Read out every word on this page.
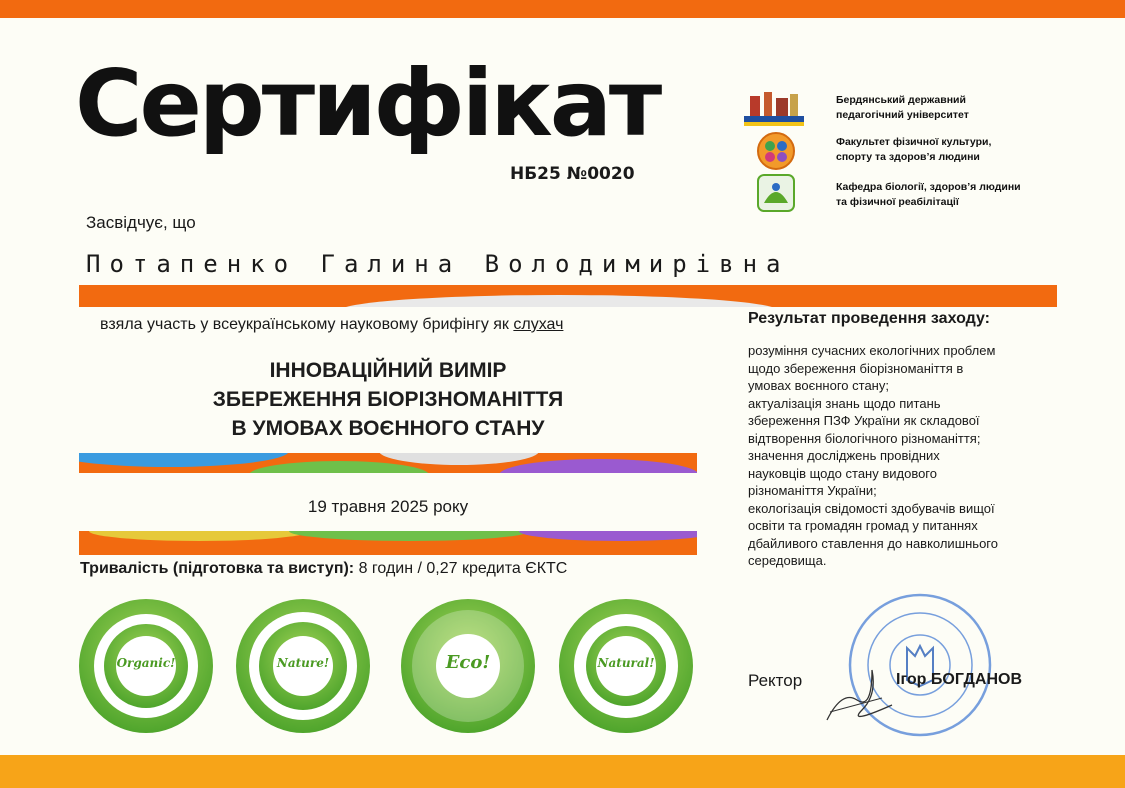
Сертифікат
НБ25 №0020
Бердянський державний
педагогічний університет
Факультет фізичної культури,
спорту та здоров’я людини
Кафедра біології, здоров’я людини
та фізичної реабілітації
Засвідчує, що
Потапенко Галина Володимирівна
взяла участь у всеукраїнському науковому брифінгу як слухач
ІННОВАЦІЙНИЙ ВИМІР
ЗБЕРЕЖЕННЯ БІОРІЗНОМАНІТТЯ
В УМОВАХ ВОЄННОГО СТАНУ
19 травня 2025 року
Тривалість (підготовка та виступ): 8 годин / 0,27 кредита ЄКТС
Organic!	Nature!	Eco!	Natural!
Результат проведення заходу:
розуміння сучасних екологічних проблем
щодо збереження біорізноманіття в
умовах воєнного стану;
актуалізація знань щодо питань
збереження ПЗФ України як складової
відтворення біологічного різноманіття;
значення досліджень провідних
науковців щодо стану видового
різноманіття України;
екологізація свідомості здобувачів вищої
освіти та громадян громад у питаннях
дбайливого ставлення до навколишнього
середовища.
Ректор	Ігор БОГДАНОВ
